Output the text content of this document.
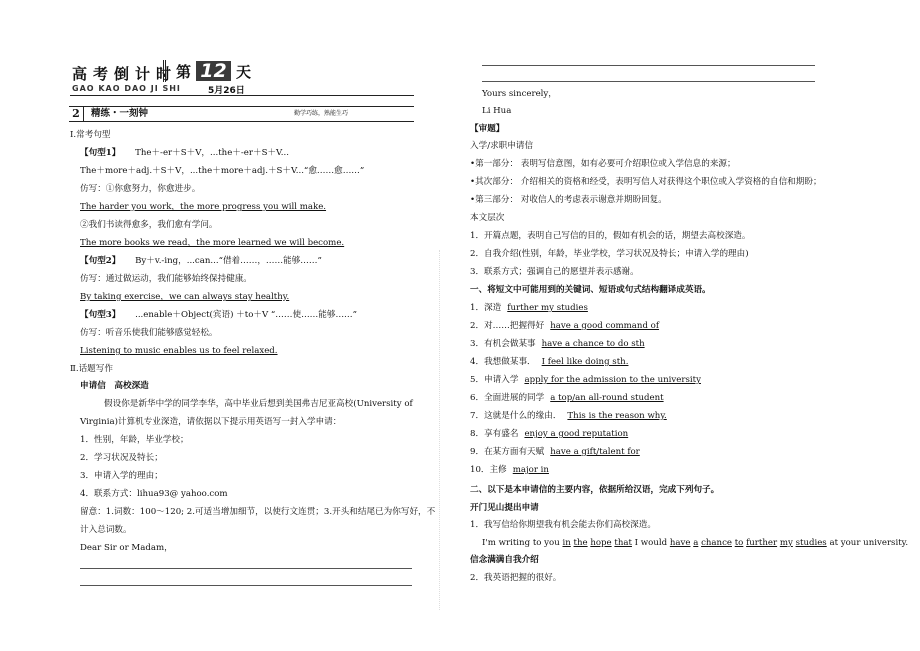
高考倒计时
第 12 天
GAO KAO DAO JI SHI	5月26日
2	精练・一刻钟	勤学巧练，熟能生巧
Ⅰ.常考句型
【句型1】 The＋-er＋S＋V，...the＋-er＋S＋V...
The＋more＋adj.＋S＋V，...the＋more＋adj.＋S＋V...“愈……愈……”
仿写：①你愈努力，你愈进步。
The harder you work，the more progress you will make.
②我们书读得愈多，我们愈有学问。
The more books we read，the more learned we will become.
【句型2】 By＋v.-ing，...can...“借着……，……能够……”
仿写：通过做运动，我们能够始终保持健康。
By taking exercise，we can always stay healthy.
【句型3】 ...enable＋Object(宾语) ＋to＋V “……使……能够……”
仿写：听音乐使我们能够感觉轻松。
Listening to music enables us to feel relaxed.
Ⅱ.话题写作
申请信　高校深造
假设你是新华中学的同学李华，高中毕业后想到美国弗吉尼亚高校(University of
Virginia)计算机专业深造，请依据以下提示用英语写一封入学申请：
1．性别，年龄，毕业学校；
2．学习状况及特长；
3．申请入学的理由；
4．联系方式：lihua93@ yahoo.com
留意：1.词数：100～120; 2.可适当增加细节，以使行文连贯；3.开头和结尾已为你写好，不
计入总词数。
Dear Sir or Madam，
Yours sincerely，
Li Hua
【审题】
入学/求职申请信
•第一部分： 表明写信意图，如有必要可介绍职位或入学信息的来源；
•其次部分： 介绍相关的资格和经受，表明写信人对获得这个职位或入学资格的自信和期盼；
•第三部分： 对收信人的考虑表示谢意并期盼回复。
本文层次
1．开篇点题，表明自己写信的目的，假如有机会的话，期望去高校深造。
2．自我介绍(性别，年龄，毕业学校，学习状况及特长；申请入学的理由)
3．联系方式；强调自己的愿望并表示感谢。
一、将短文中可能用到的关键词、短语或句式结构翻译成英语。
1．深造 further my studies
2．对……把握得好 have a good command of
3．有机会做某事 have a chance to do sth
4．我想做某事． I feel like doing sth.
5．申请入学 apply for the admission to the university
6．全面进展的同学 a top/an all-round student
7．这就是什么的缘由． This is the reason why.
8．享有盛名 enjoy a good reputation
9．在某方面有天赋 have a gift/talent for
10．主修 major in
二、以下是本申请信的主要内容，依据所给汉语，完成下列句子。
开门见山提出申请
1．我写信给你期望我有机会能去你们高校深造。
I'm writing to you in the hope that I would have a chance to further my studies at your university.
信念满满自我介绍
2．我英语把握的很好。
